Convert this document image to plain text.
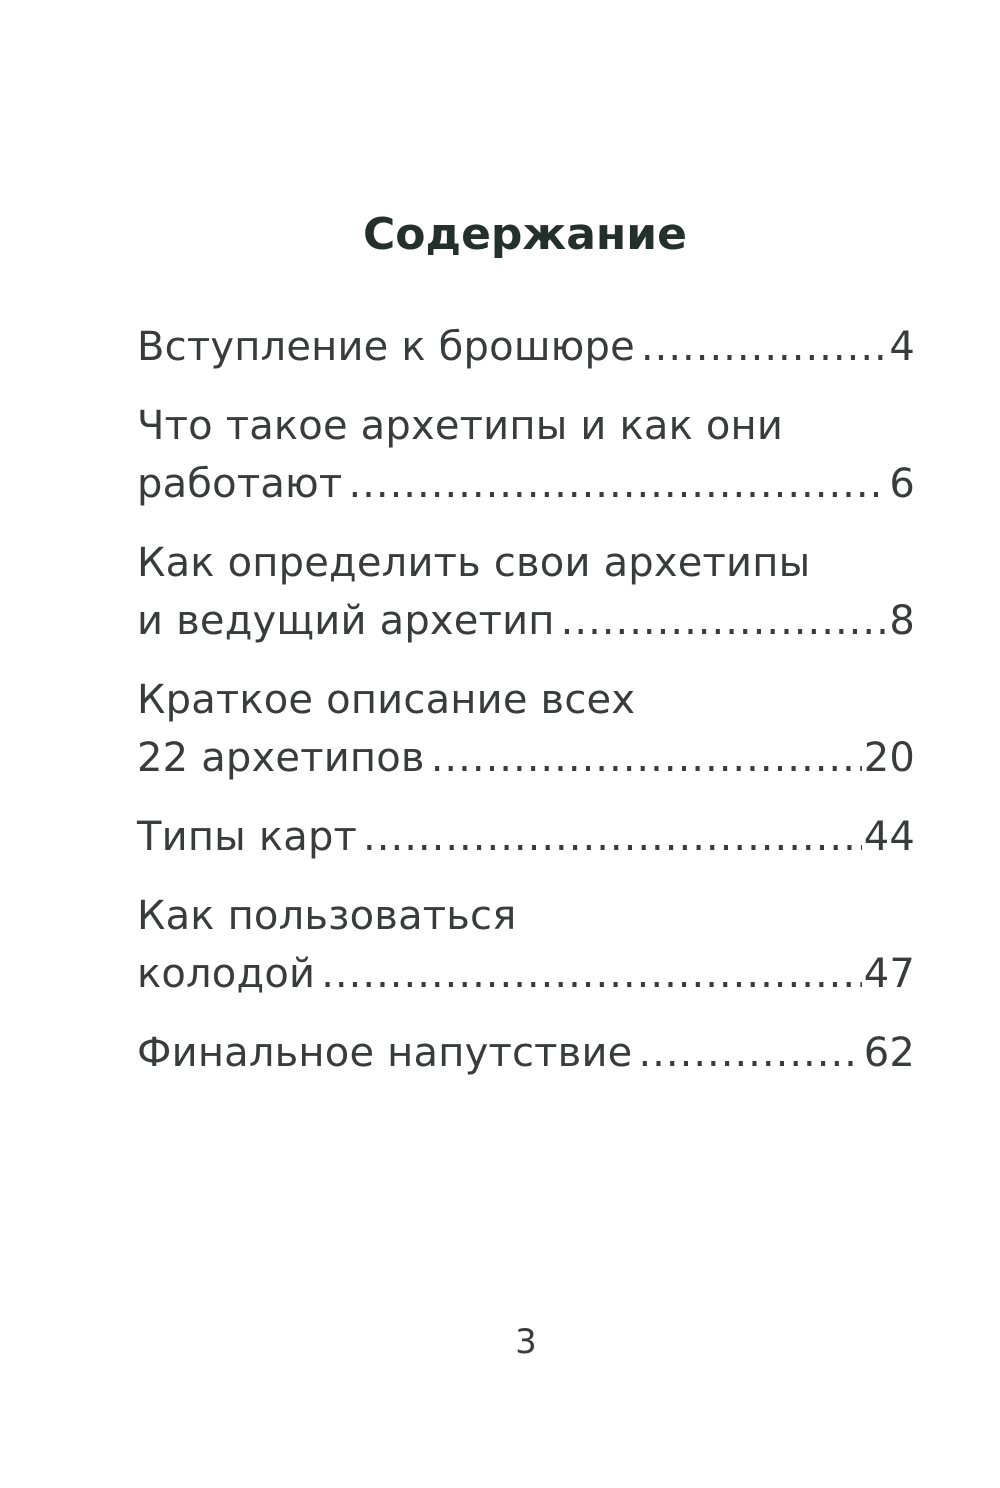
Содержание
Вступление к брошюре .....	4
Что такое архетипы и как они
работают .....	6
Как определить свои архетипы
и ведущий архетип .....	8
Краткое описание всех
22 архетипов .....	20
Типы карт .....	44
Как пользоваться
колодой .....	47
Финальное напутствие .....	62
3
